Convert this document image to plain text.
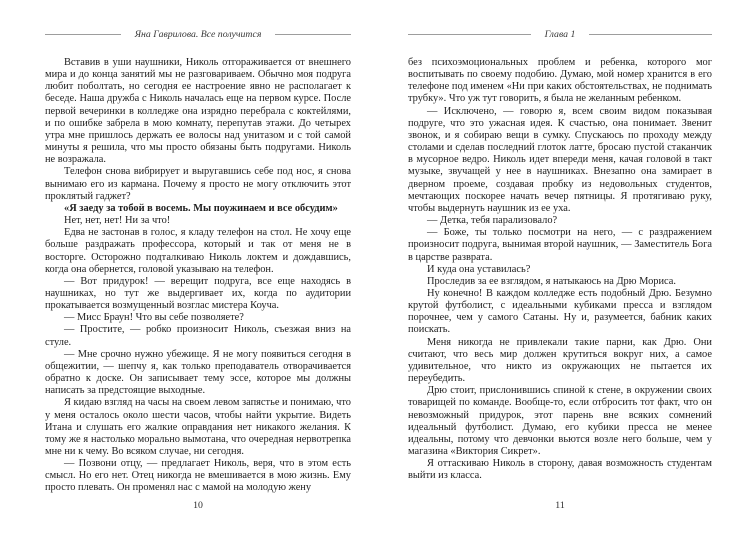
Яна Гаврилова. Все получится

Вставив в уши наушники, Николь отгораживается от внешнего мира и до конца занятий мы не разговариваем. Обычно моя подруга любит поболтать, но сегодня ее настроение явно не располагает к беседе. Наша дружба с Николь началась еще на первом курсе. После первой вечеринки в колледже она изрядно перебрала с коктейлями, и по ошибке забрела в мою комнату, перепутав этажи. До четырех утра мне пришлось держать ее волосы над унитазом и с той самой минуты я решила, что мы просто обязаны быть подругами. Николь не возражала.

Телефон снова вибрирует и выругавшись себе под нос, я снова вынимаю его из кармана. Почему я просто не могу отключить этот проклятый гаджет?

«Я заеду за тобой в восемь. Мы поужинаем и все обсудим»

Нет, нет, нет! Ни за что!

Едва не застонав в голос, я кладу телефон на стол. Не хочу еще больше раздражать профессора, который и так от меня не в восторге. Осторожно подталкиваю Николь локтем и дождавшись, когда она обернется, головой указываю на телефон.

— Вот придурок! — верещит подруга, все еще находясь в наушниках, но тут же выдергивает их, когда по аудитории прокатывается возмущенный возглас мистера Коуча.

— Мисс Браун! Что вы себе позволяете?

— Простите, — робко произносит Николь, съезжая вниз на стуле.

— Мне срочно нужно убежище. Я не могу появиться сегодня в общежитии, — шепчу я, как только преподаватель отворачивается обратно к доске. Он записывает тему эссе, которое мы должны написать за предстоящие выходные.

Я кидаю взгляд на часы на своем левом запястье и понимаю, что у меня осталось около шести часов, чтобы найти укрытие. Видеть Итана и слушать его жалкие оправдания нет никакого желания. К тому же я настолько морально вымотана, что очередная нервотрепка мне ни к чему. Во всяком случае, ни сегодня.

— Позвони отцу, — предлагает Николь, веря, что в этом есть смысл. Но его нет. Отец никогда не вмешивается в мою жизнь. Ему просто плевать. Он променял нас с мамой на молодую жену

10
Глава 1

без психоэмоциональных проблем и ребенка, которого мог воспитывать по своему подобию. Думаю, мой номер хранится в его телефоне под именем «Ни при каких обстоятельствах, не поднимать трубку». Что уж тут говорить, я была не желанным ребенком.

— Исключено, — говорю я, всем своим видом показывая подруге, что это ужасная идея. К счастью, она понимает. Звенит звонок, и я собираю вещи в сумку. Спускаюсь по проходу между столами и сделав последний глоток латте, бросаю пустой стаканчик в мусорное ведро. Николь идет впереди меня, качая головой в такт музыке, звучащей у нее в наушниках. Внезапно она замирает в дверном проеме, создавая пробку из недовольных студентов, мечтающих поскорее начать вечер пятницы. Я протягиваю руку, чтобы выдернуть наушник из ее уха.

— Детка, тебя парализовало?

— Боже, ты только посмотри на него, — с раздражением произносит подруга, вынимая второй наушник, — Заместитель Бога в царстве разврата.

И куда она уставилась?

Проследив за ее взглядом, я натыкаюсь на Дрю Мориса.

Ну конечно! В каждом колледже есть подобный Дрю. Безумно крутой футболист, с идеальными кубиками пресса и взглядом порочнее, чем у самого Сатаны. Ну и, разумеется, бабник каких поискать.

Меня никогда не привлекали такие парни, как Дрю. Они считают, что весь мир должен крутиться вокруг них, а самое удивительное, что никто из окружающих не пытается их переубедить.

Дрю стоит, прислонившись спиной к стене, в окружении своих товарищей по команде. Вообще-то, если отбросить тот факт, что он невозможный придурок, этот парень вне всяких сомнений идеальный футболист. Думаю, его кубики пресса не менее идеальны, потому что девчонки вьются возле него больше, чем у магазина «Виктория Сикрет».

Я оттаскиваю Николь в сторону, давая возможность студентам выйти из класса.

11
